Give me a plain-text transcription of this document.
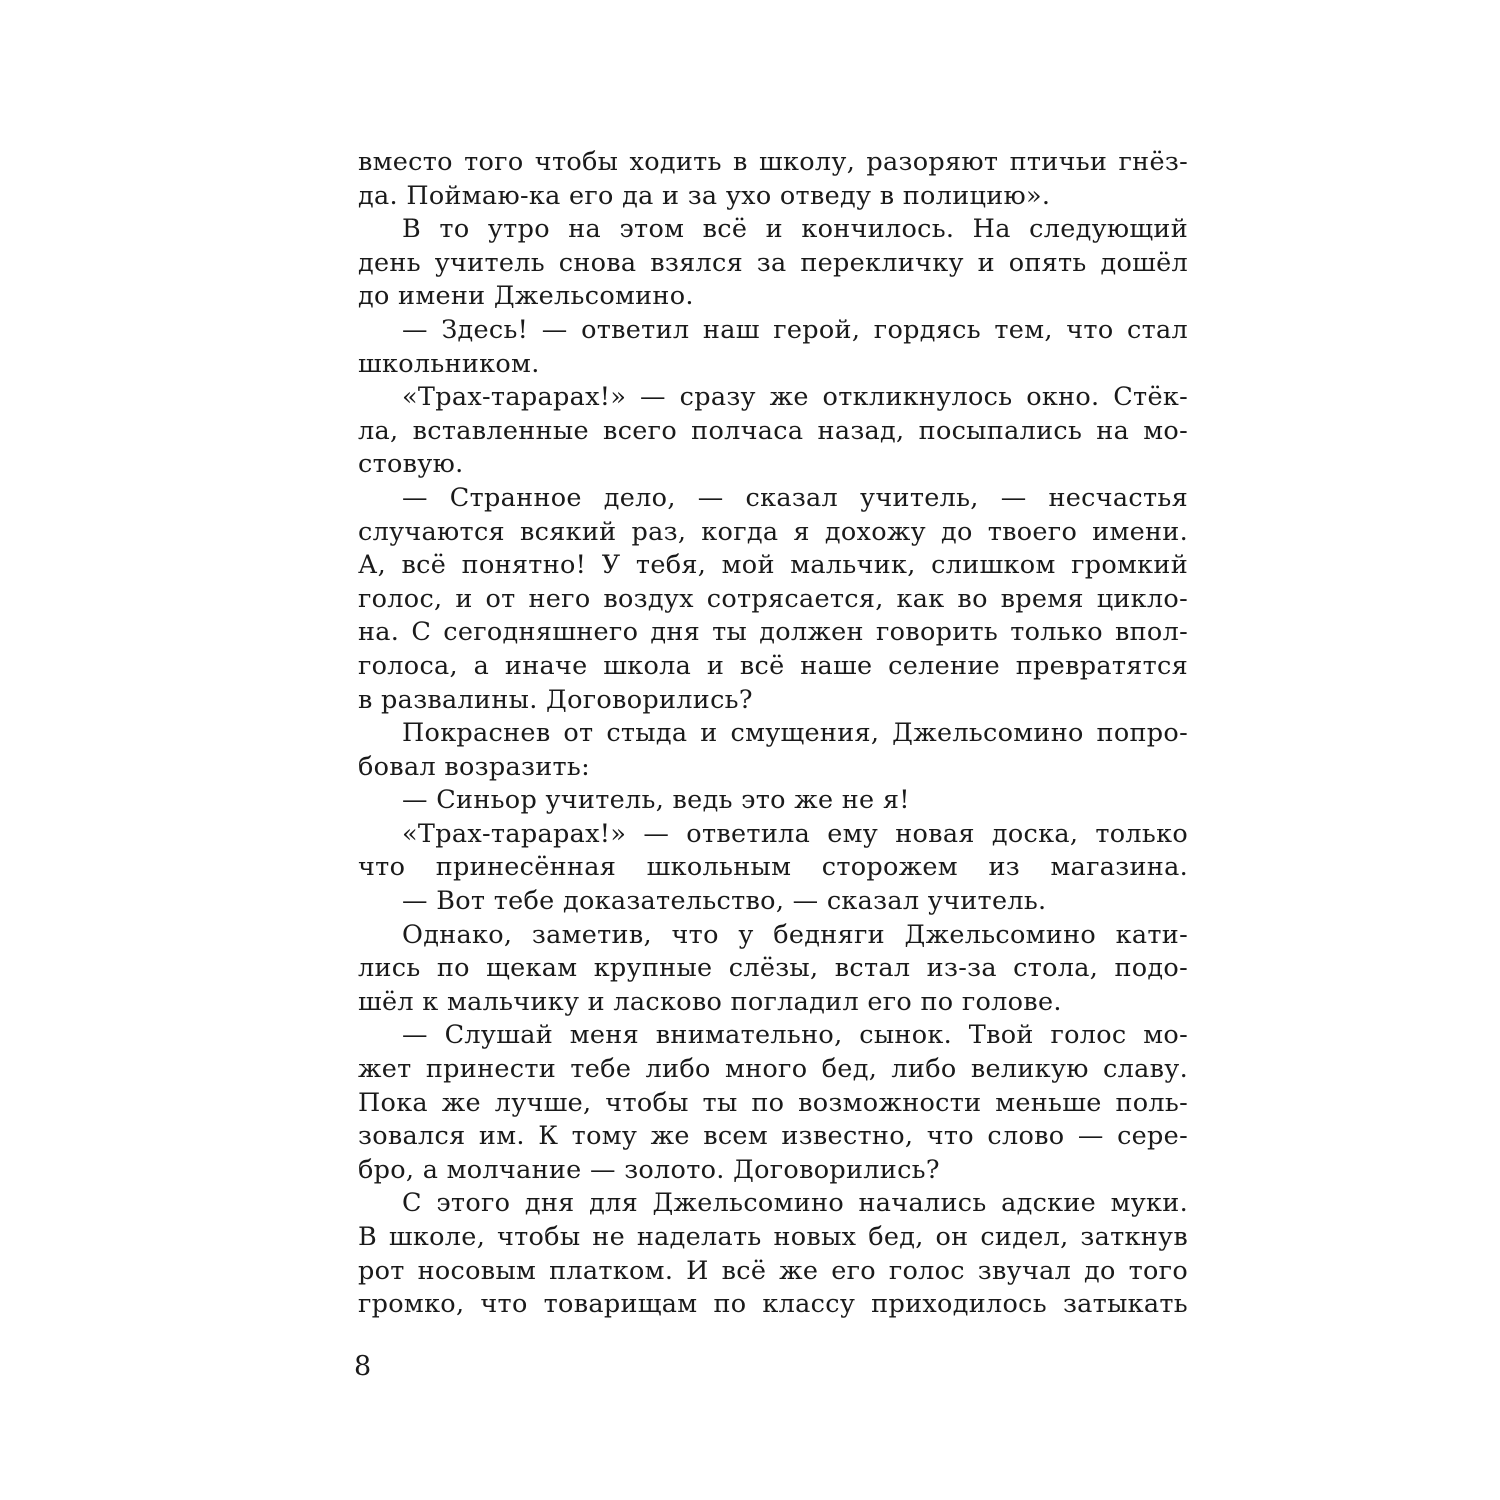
вместо того чтобы ходить в школу, разоряют птичьи гнёз-
да. Поймаю-ка его да и за ухо отведу в полицию».
В то утро на этом всё и кончилось. На следующий
день учитель снова взялся за перекличку и опять дошёл
до имени Джельсомино.
— Здесь! — ответил наш герой, гордясь тем, что стал
школьником.
«Трах-тарарах!» — сразу же откликнулось окно. Стёк-
ла, вставленные всего полчаса назад, посыпались на мо-
стовую.
— Странное дело, — сказал учитель, — несчастья
случаются всякий раз, когда я дохожу до твоего имени.
А, всё понятно! У тебя, мой мальчик, слишком громкий
голос, и от него воздух сотрясается, как во время цикло-
на. С сегодняшнего дня ты должен говорить только впол-
голоса, а иначе школа и всё наше селение превратятся
в развалины. Договорились?
Покраснев от стыда и смущения, Джельсомино попро-
бовал возразить:
— Синьор учитель, ведь это же не я!
«Трах-тарарах!» — ответила ему новая доска, только
что принесённая школьным сторожем из магазина.
— Вот тебе доказательство, — сказал учитель.
Однако, заметив, что у бедняги Джельсомино кати-
лись по щекам крупные слёзы, встал из-за стола, подо-
шёл к мальчику и ласково погладил его по голове.
— Слушай меня внимательно, сынок. Твой голос мо-
жет принести тебе либо много бед, либо великую славу.
Пока же лучше, чтобы ты по возможности меньше поль-
зовался им. К тому же всем известно, что слово — сере-
бро, а молчание — золото. Договорились?
С этого дня для Джельсомино начались адские муки.
В школе, чтобы не наделать новых бед, он сидел, заткнув
рот носовым платком. И всё же его голос звучал до того
громко, что товарищам по классу приходилось затыкать
8
